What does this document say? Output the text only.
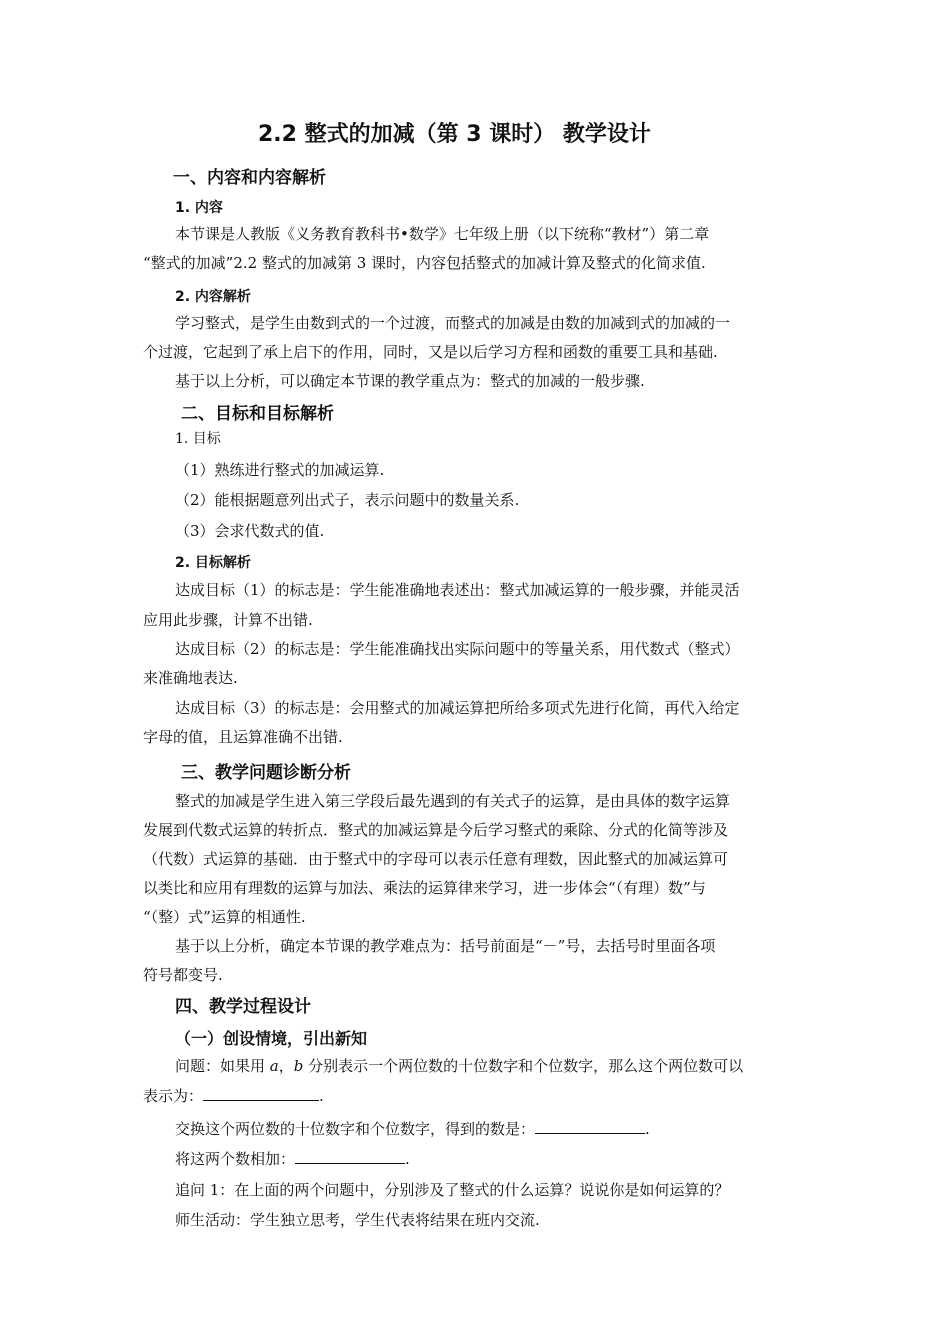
2.2 整式的加减（第 3 课时） 教学设计
一、内容和内容解析
1. 内容
本节课是人教版《义务教育教科书•数学》七年级上册（以下统称“教材”）第二章
“整式的加减”2.2 整式的加减第 3 课时，内容包括整式的加减计算及整式的化简求值.
2. 内容解析
学习整式，是学生由数到式的一个过渡，而整式的加减是由数的加减到式的加减的一
个过渡，它起到了承上启下的作用，同时，又是以后学习方程和函数的重要工具和基础.
基于以上分析，可以确定本节课的教学重点为：整式的加减的一般步骤.
二、目标和目标解析
1. 目标
（1）熟练进行整式的加减运算.
（2）能根据题意列出式子，表示问题中的数量关系.
（3）会求代数式的值.
2. 目标解析
达成目标（1）的标志是：学生能准确地表述出：整式加减运算的一般步骤，并能灵活
应用此步骤，计算不出错.
达成目标（2）的标志是：学生能准确找出实际问题中的等量关系，用代数式（整式）
来准确地表达.
达成目标（3）的标志是：会用整式的加减运算把所给多项式先进行化简，再代入给定
字母的值，且运算准确不出错.
三、教学问题诊断分析
整式的加减是学生进入第三学段后最先遇到的有关式子的运算，是由具体的数字运算
发展到代数式运算的转折点．整式的加减运算是今后学习整式的乘除、分式的化简等涉及
（代数）式运算的基础．由于整式中的字母可以表示任意有理数，因此整式的加减运算可
以类比和应用有理数的运算与加法、乘法的运算律来学习，进一步体会“（有理）数”与
“（整）式”运算的相通性.
基于以上分析，确定本节课的教学难点为：括号前面是“－”号，去括号时里面各项
符号都变号.
四、教学过程设计
（一）创设情境，引出新知
问题：如果用 a，b 分别表示一个两位数的十位数字和个位数字，那么这个两位数可以
表示为：	.
交换这个两位数的十位数字和个位数字，得到的数是：	.
将这两个数相加：	.
追问 1：在上面的两个问题中，分别涉及了整式的什么运算？说说你是如何运算的？
师生活动：学生独立思考，学生代表将结果在班内交流.
